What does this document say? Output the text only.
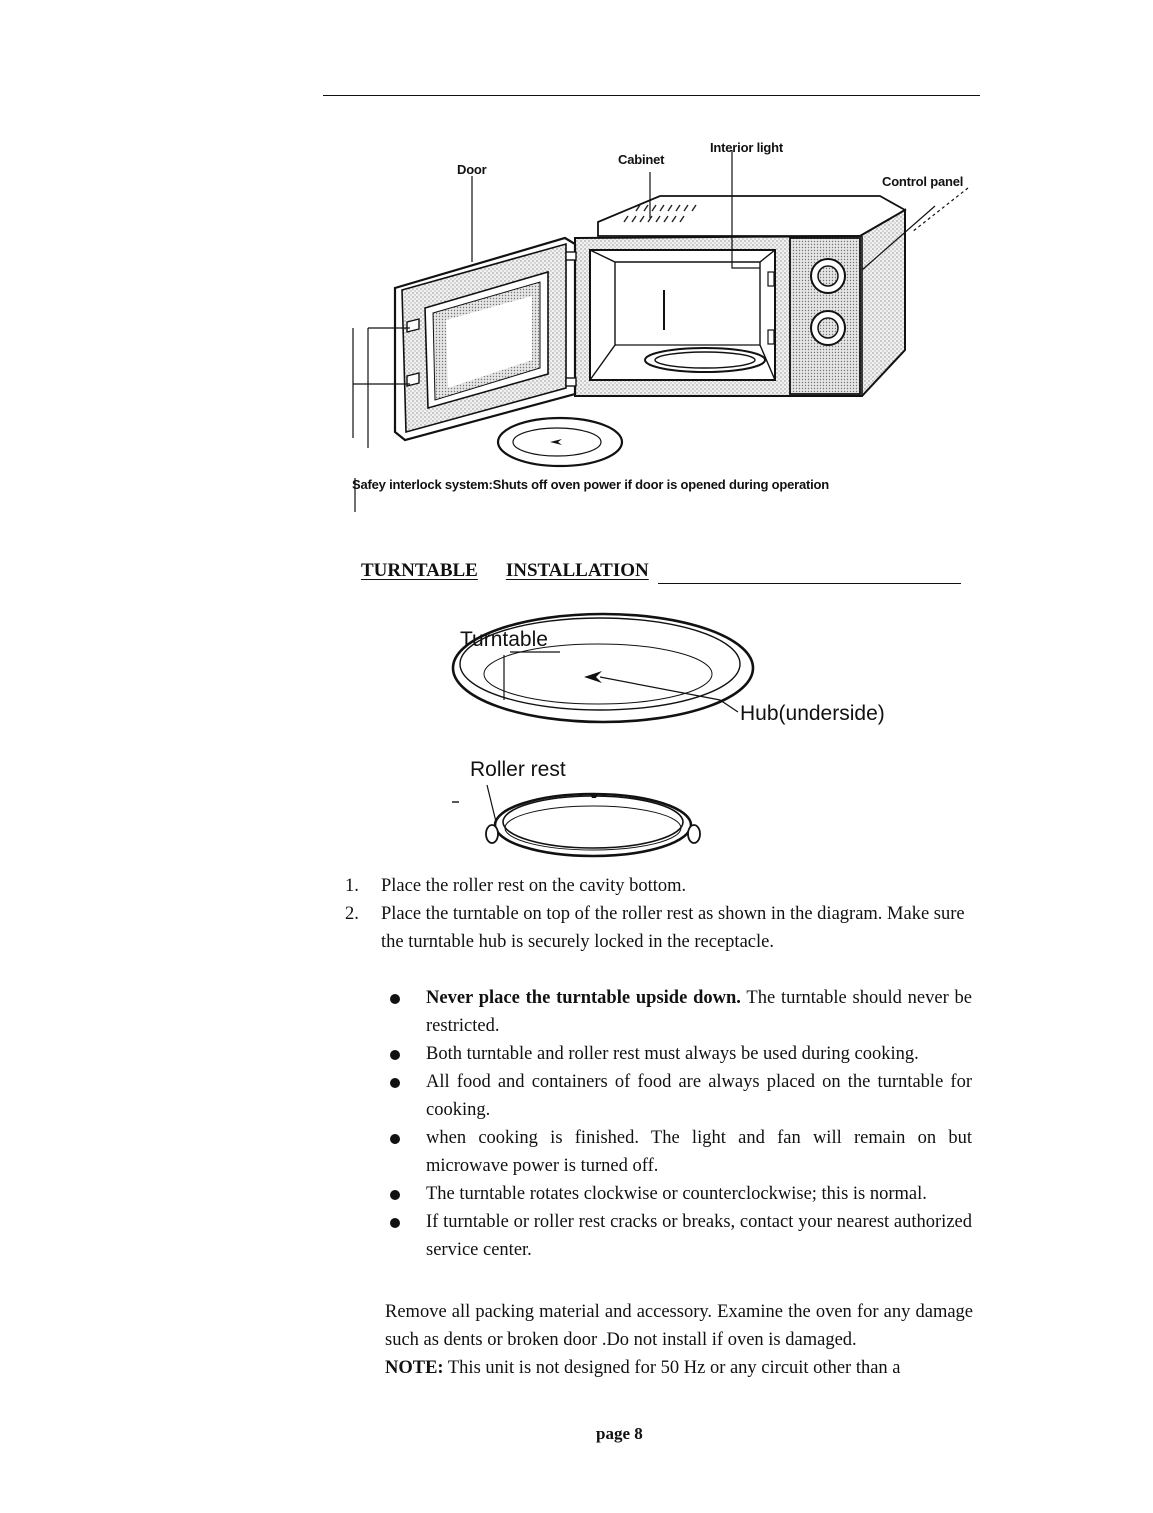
Door
Cabinet
Interior light
Control panel
Safey interlock system:Shuts off oven power if door is opened during operation
TURNTABLE INSTALLATION
Turntable
Hub(underside)
Roller rest
1. Place the roller rest on the cavity bottom.
2. Place the turntable on top of the roller rest as shown in the diagram. Make sure the turntable hub is securely locked in the receptacle.
Never place the turntable upside down. The turntable should never be restricted.
Both turntable and roller rest must always be used during cooking.
All food and containers of food are always placed on the turntable for cooking.
when cooking is finished. The light and fan will remain on but microwave power is turned off.
The turntable rotates clockwise or counterclockwise; this is normal.
If turntable or roller rest cracks or breaks, contact your nearest authorized service center.
Remove all packing material and accessory. Examine the oven for any damage such as dents or broken door .Do not install if oven is damaged.
NOTE: This unit is not designed for 50 Hz or any circuit other than a
page 8
